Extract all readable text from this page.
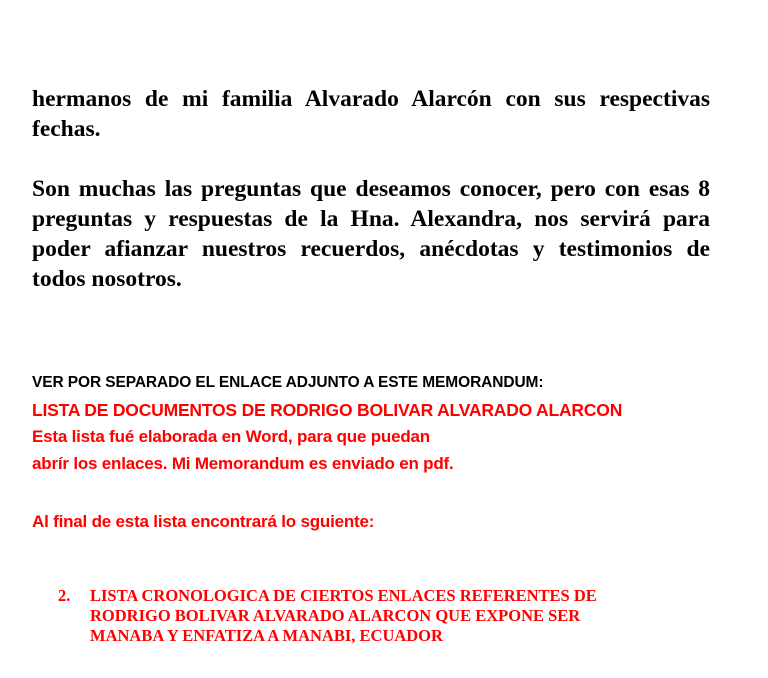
hermanos de mi familia Alvarado Alarcón con sus respectivas fechas.

Son muchas las preguntas que deseamos conocer, pero con esas 8 preguntas y respuestas de la Hna. Alexandra, nos servirá para poder afianzar nuestros recuerdos, anécdotas y testimonios de todos nosotros.

VER POR SEPARADO EL ENLACE ADJUNTO A ESTE MEMORANDUM:

LISTA DE DOCUMENTOS DE RODRIGO BOLIVAR ALVARADO ALARCON

Esta lista fué elaborada en Word, para que puedan

abrír los enlaces. Mi Memorandum es enviado en pdf.

Al final de esta lista encontrará lo sguiente:

2. LISTA CRONOLOGICA DE CIERTOS ENLACES REFERENTES DE
RODRIGO BOLIVAR ALVARADO ALARCON QUE EXPONE SER
MANABA Y ENFATIZA A MANABI, ECUADOR
